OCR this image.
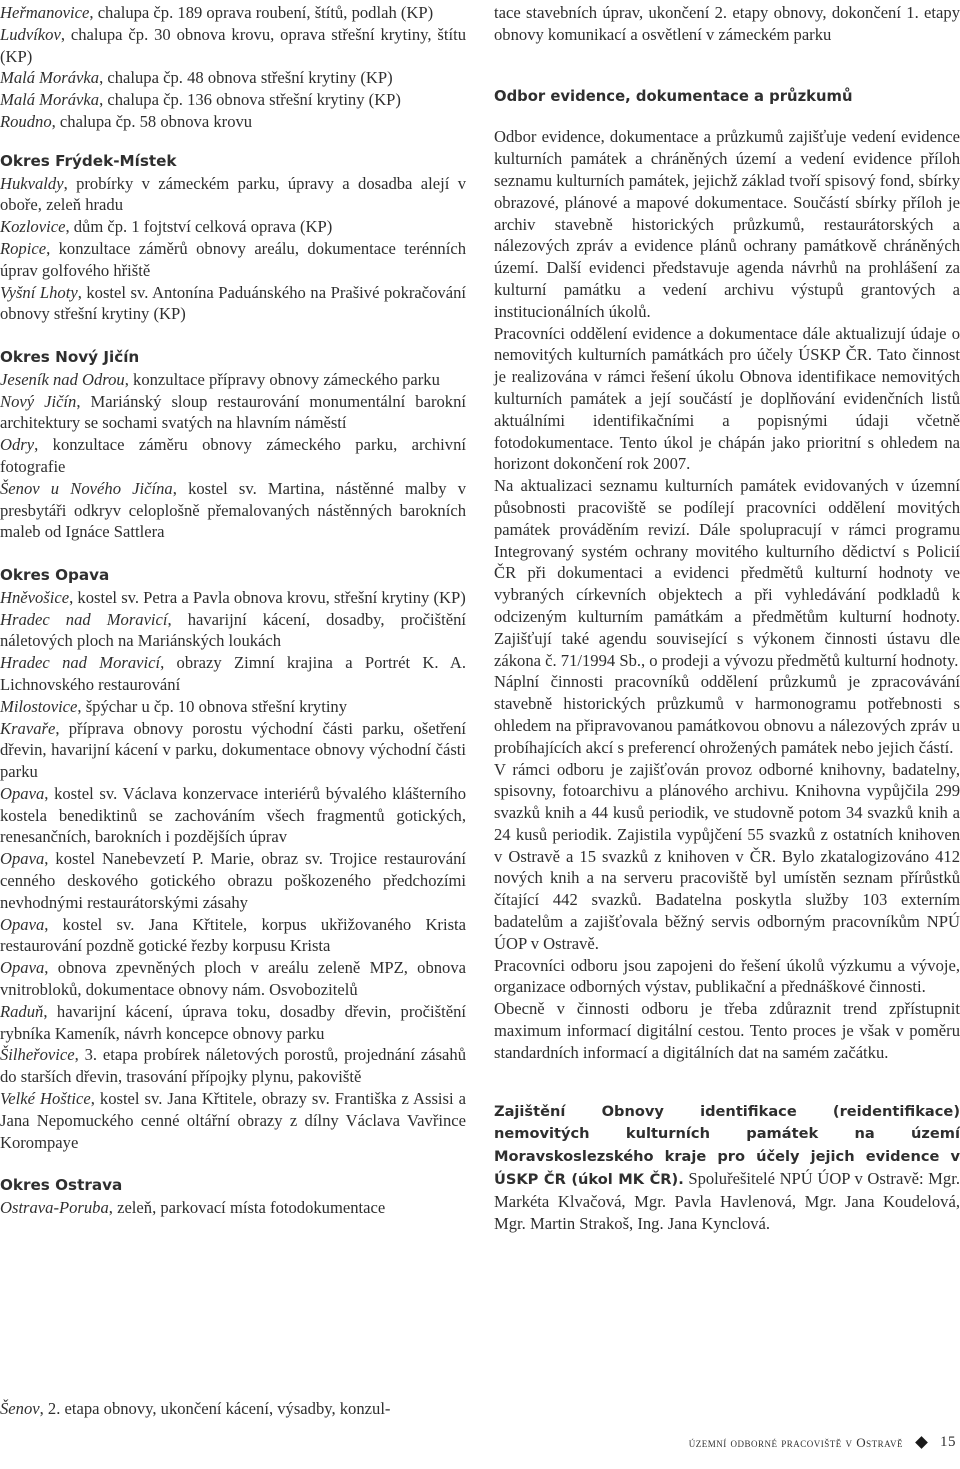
Heřmanovice, chalupa čp. 189 oprava roubení, štítů, podlah (KP)

Ludvíkov, chalupa čp. 30 obnova krovu, oprava střešní krytiny, štítu (KP)

Malá Morávka, chalupa čp. 48 obnova střešní krytiny (KP)

Malá Morávka, chalupa čp. 136 obnova střešní krytiny (KP)

Roudno, chalupa čp. 58 obnova krovu

Okres Frýdek-Místek

Hukvaldy, probírky v zámeckém parku, úpravy a dosadba alejí v oboře, zeleň hradu

Kozlovice, dům čp. 1 fojtství celková oprava (KP)

Ropice, konzultace záměrů obnovy areálu, dokumentace terénních úprav golfového hřiště

Vyšní Lhoty, kostel sv. Antonína Paduánského na Prašivé pokračování obnovy střešní krytiny (KP)

Okres Nový Jičín

Jeseník nad Odrou, konzultace přípravy obnovy zámeckého parku

Nový Jičín, Mariánský sloup restaurování monumentální barokní architektury se sochami svatých na hlavním náměstí

Odry, konzultace záměru obnovy zámeckého parku, archivní fotografie

Šenov u Nového Jičína, kostel sv. Martina, nástěnné malby v presbytáři odkryv celoplošně přemalovaných nástěnných barokních maleb od Ignáce Sattlera

Okres Opava

Hněvošice, kostel sv. Petra a Pavla obnova krovu, střešní krytiny (KP)

Hradec nad Moravicí, havarijní kácení, dosadby, pročištění náletových ploch na Mariánských loukách

Hradec nad Moravicí, obrazy Zimní krajina a Portrét K. A. Lichnovského restaurování

Milostovice, špýchar u čp. 10 obnova střešní krytiny

Kravaře, příprava obnovy porostu východní části parku, ošetření dřevin, havarijní kácení v parku, dokumentace obnovy východní části parku

Opava, kostel sv. Václava konzervace interiérů bývalého klášterního kostela benediktinů se zachováním všech fragmentů gotických, renesančních, barokních i pozdějších úprav

Opava, kostel Nanebevzetí P. Marie, obraz sv. Trojice restaurování cenného deskového gotického obrazu poškozeného předchozími nevhodnými restaurátorskými zásahy

Opava, kostel sv. Jana Křtitele, korpus ukřižovaného Krista restaurování pozdně gotické řezby korpusu Krista

Opava, obnova zpevněných ploch v areálu zeleně MPZ, obnova vnitrobloků, dokumentace obnovy nám. Osvobozitelů

Raduň, havarijní kácení, úprava toku, dosadby dřevin, pročištění rybníka Kameník, návrh koncepce obnovy parku

Šilheřovice, 3. etapa probírek náletových porostů, projednání zásahů do starších dřevin, trasování přípojky plynu, pakoviště

Velké Hoštice, kostel sv. Jana Křtitele, obrazy sv. Františka z Assisi a Jana Nepomuckého cenné oltářní obrazy z dílny Václava Vavřince Korompaye

Okres Ostrava

Ostrava-Poruba, zeleň, parkovací místa fotodokumentace

Šenov, 2. etapa obnovy, ukončení kácení, výsadby, konzul-

tace stavebních úprav, ukončení 2. etapy obnovy, dokončení 1. etapy obnovy komunikací a osvětlení v zámeckém parku

Odbor evidence, dokumentace a průzkumů

Odbor evidence, dokumentace a průzkumů zajišťuje vedení evidence kulturních památek a chráněných území a vedení evidence příloh seznamu kulturních památek, jejichž základ tvoří spisový fond, sbírky obrazové, plánové a mapové dokumentace. Součástí sbírky příloh je archiv stavebně historických průzkumů, restaurátorských a nálezových zpráv a evidence plánů ochrany památkově chráněných území. Další evidenci představuje agenda návrhů na prohlášení za kulturní památku a vedení archivu výstupů grantových a institucionálních úkolů.

Pracovníci oddělení evidence a dokumentace dále aktualizují údaje o nemovitých kulturních památkách pro účely ÚSKP ČR. Tato činnost je realizována v rámci řešení úkolu Obnova identifikace nemovitých kulturních památek a její součástí je doplňování evidenčních listů aktuálními identifikačními a popisnými údaji včetně fotodokumentace. Tento úkol je chápán jako prioritní s ohledem na horizont dokončení rok 2007.

Na aktualizaci seznamu kulturních památek evidovaných v územní působnosti pracoviště se podílejí pracovníci oddělení movitých památek prováděním revizí. Dále spolupracují v rámci programu Integrovaný systém ochrany movitého kulturního dědictví s Policií ČR při dokumentaci a evidenci předmětů kulturní hodnoty ve vybraných církevních objektech a při vyhledávání podkladů k odcizeným kulturním památkám a předmětům kulturní hodnoty. Zajišťují také agendu související s výkonem činnosti ústavu dle zákona č. 71/1994 Sb., o prodeji a vývozu předmětů kulturní hodnoty.

Náplní činnosti pracovníků oddělení průzkumů je zpracovávání stavebně historických průzkumů v harmonogramu potřebnosti s ohledem na připravovanou památkovou obnovu a nálezových zpráv u probíhajících akcí s preferencí ohrožených památek nebo jejich částí.

V rámci odboru je zajišťován provoz odborné knihovny, badatelny, spisovny, fotoarchivu a plánového archivu. Knihovna vypůjčila 299 svazků knih a 44 kusů periodik, ve studovně potom 34 svazků knih a 24 kusů periodik. Zajistila vypůjčení 55 svazků z ostatních knihoven v Ostravě a 15 svazků z knihoven v ČR. Bylo zkatalogizováno 412 nových knih a na serveru pracoviště byl umístěn seznam přírůstků čítající 442 svazků. Badatelna poskytla služby 103 externím badatelům a zajišťovala běžný servis odborným pracovníkům NPÚ ÚOP v Ostravě.

Pracovníci odboru jsou zapojeni do řešení úkolů výzkumu a vývoje, organizace odborných výstav, publikační a přednáškové činnosti.

Obecně v činnosti odboru je třeba zdůraznit trend zpřístupnit maximum informací digitální cestou. Tento proces je však v poměru standardních informací a digitálních dat na samém začátku.

Zajištění Obnovy identifikace (reidentifikace) nemovitých kulturních památek na území Moravskoslezského kraje pro účely jejich evidence v ÚSKP ČR (úkol MK ČR). Spoluřešitelé NPÚ ÚOP v Ostravě: Mgr. Markéta Klvačová, Mgr. Pavla Havlenová, Mgr. Jana Koudelová, Mgr. Martin Strakoš, Ing. Jana Kynclová.

územní odborné pracoviště v Ostravě 15
